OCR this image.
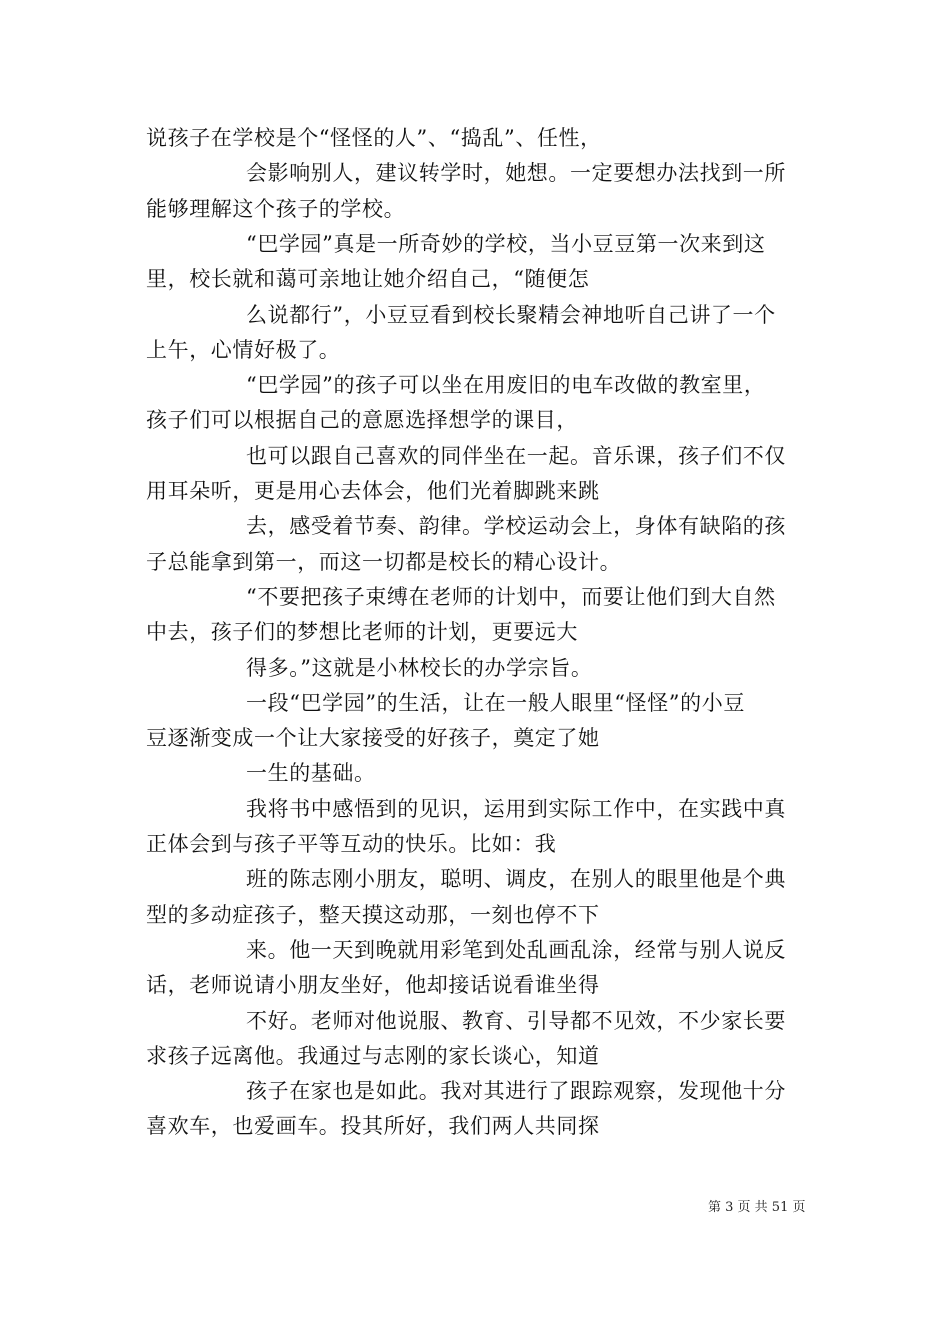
说孩子在学校是个“怪怪的人”、“捣乱”、任性，
会影响别人，建议转学时，她想。一定要想办法找到一所
能够理解这个孩子的学校。
“巴学园”真是一所奇妙的学校，当小豆豆第一次来到这
里，校长就和蔼可亲地让她介绍自己，“随便怎
么说都行”，小豆豆看到校长聚精会神地听自己讲了一个
上午，心情好极了。
“巴学园”的孩子可以坐在用废旧的电车改做的教室里，
孩子们可以根据自己的意愿选择想学的课目，
也可以跟自己喜欢的同伴坐在一起。音乐课，孩子们不仅
用耳朵听，更是用心去体会，他们光着脚跳来跳
去，感受着节奏、韵律。学校运动会上，身体有缺陷的孩
子总能拿到第一，而这一切都是校长的精心设计。
“不要把孩子束缚在老师的计划中，而要让他们到大自然
中去，孩子们的梦想比老师的计划，更要远大
得多。”这就是小林校长的办学宗旨。
一段“巴学园”的生活，让在一般人眼里“怪怪”的小豆
豆逐渐变成一个让大家接受的好孩子，奠定了她
一生的基础。
我将书中感悟到的见识，运用到实际工作中，在实践中真
正体会到与孩子平等互动的快乐。比如：我
班的陈志刚小朋友，聪明、调皮，在别人的眼里他是个典
型的多动症孩子，整天摸这动那，一刻也停不下
来。他一天到晚就用彩笔到处乱画乱涂，经常与别人说反
话，老师说请小朋友坐好，他却接话说看谁坐得
不好。老师对他说服、教育、引导都不见效，不少家长要
求孩子远离他。我通过与志刚的家长谈心，知道
孩子在家也是如此。我对其进行了跟踪观察，发现他十分
喜欢车，也爱画车。投其所好，我们两人共同探
第 3 页 共 51 页
